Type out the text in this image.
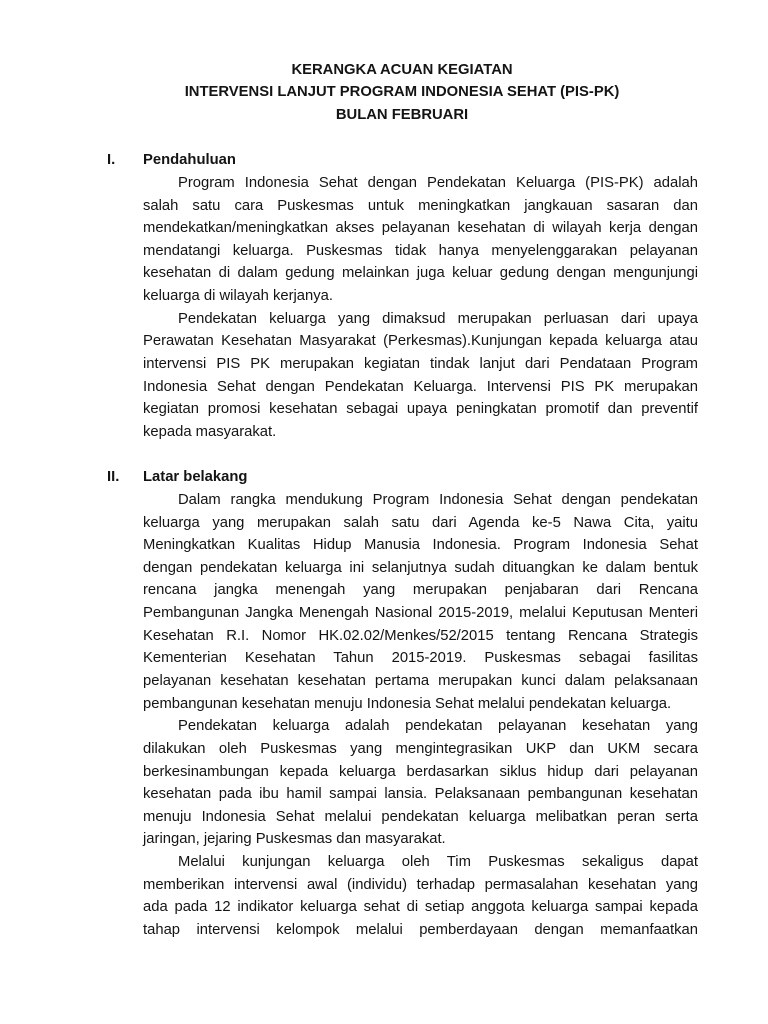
KERANGKA ACUAN KEGIATAN
INTERVENSI LANJUT PROGRAM INDONESIA SEHAT (PIS-PK)
BULAN FEBRUARI
I.	Pendahuluan
Program Indonesia Sehat dengan Pendekatan Keluarga (PIS-PK) adalah
salah satu cara Puskesmas untuk meningkatkan jangkauan sasaran dan
mendekatkan/meningkatkan akses pelayanan kesehatan di wilayah kerja dengan
mendatangi keluarga. Puskesmas tidak hanya menyelenggarakan pelayanan
kesehatan di dalam gedung melainkan juga keluar gedung dengan mengunjungi
keluarga di wilayah kerjanya.
Pendekatan keluarga yang dimaksud merupakan perluasan dari upaya
Perawatan Kesehatan Masyarakat (Perkesmas).Kunjungan kepada keluarga atau
intervensi PIS PK merupakan kegiatan tindak lanjut dari Pendataan Program
Indonesia Sehat dengan Pendekatan Keluarga. Intervensi PIS PK merupakan
kegiatan promosi kesehatan sebagai upaya peningkatan promotif dan preventif
kepada masyarakat.
II.	Latar belakang
Dalam rangka mendukung Program Indonesia Sehat dengan pendekatan
keluarga yang merupakan salah satu dari Agenda ke-5 Nawa Cita, yaitu
Meningkatkan Kualitas Hidup Manusia Indonesia. Program Indonesia Sehat
dengan pendekatan keluarga ini selanjutnya sudah dituangkan ke dalam bentuk
rencana jangka menengah yang merupakan penjabaran dari Rencana
Pembangunan Jangka Menengah Nasional 2015-2019, melalui Keputusan Menteri
Kesehatan R.I. Nomor HK.02.02/Menkes/52/2015 tentang Rencana Strategis
Kementerian Kesehatan Tahun 2015-2019. Puskesmas sebagai fasilitas
pelayanan kesehatan kesehatan pertama merupakan kunci dalam pelaksanaan
pembangunan kesehatan menuju Indonesia Sehat melalui pendekatan keluarga.
Pendekatan keluarga adalah pendekatan pelayanan kesehatan yang
dilakukan oleh Puskesmas yang mengintegrasikan UKP dan UKM secara
berkesinambungan kepada keluarga berdasarkan siklus hidup dari pelayanan
kesehatan pada ibu hamil sampai lansia. Pelaksanaan pembangunan kesehatan
menuju Indonesia Sehat melalui pendekatan keluarga melibatkan peran serta
jaringan, jejaring Puskesmas dan masyarakat.
Melalui kunjungan keluarga oleh Tim Puskesmas sekaligus dapat
memberikan intervensi awal (individu) terhadap permasalahan kesehatan yang
ada pada 12 indikator keluarga sehat di setiap anggota keluarga sampai kepada
tahap intervensi kelompok melalui pemberdayaan dengan memanfaatkan
